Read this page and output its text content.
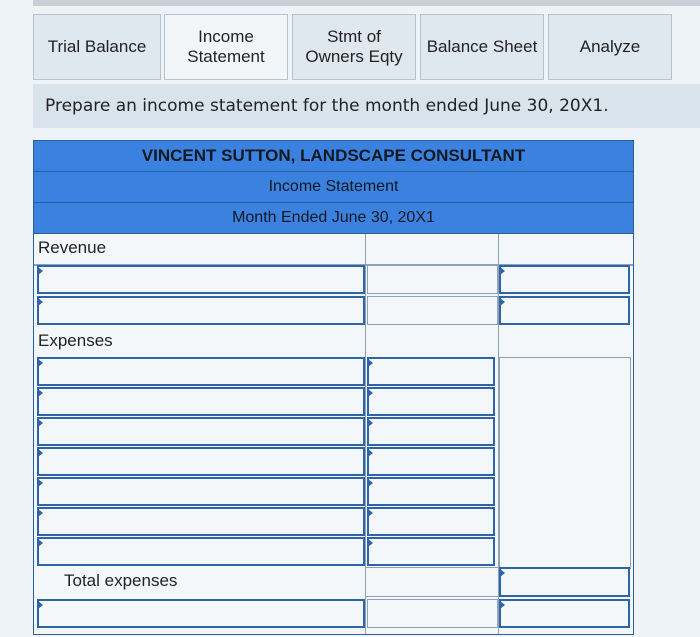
Trial Balance
Income
Statement
Stmt of
Owners Eqty
Balance Sheet Analyze
Prepare an income statement for the month ended June 30, 20X1.
VINCENT SUTTON, LANDSCAPE CONSULTANT
Income Statement
Month Ended June 30, 20X1
Revenue
Expenses
Total expenses
